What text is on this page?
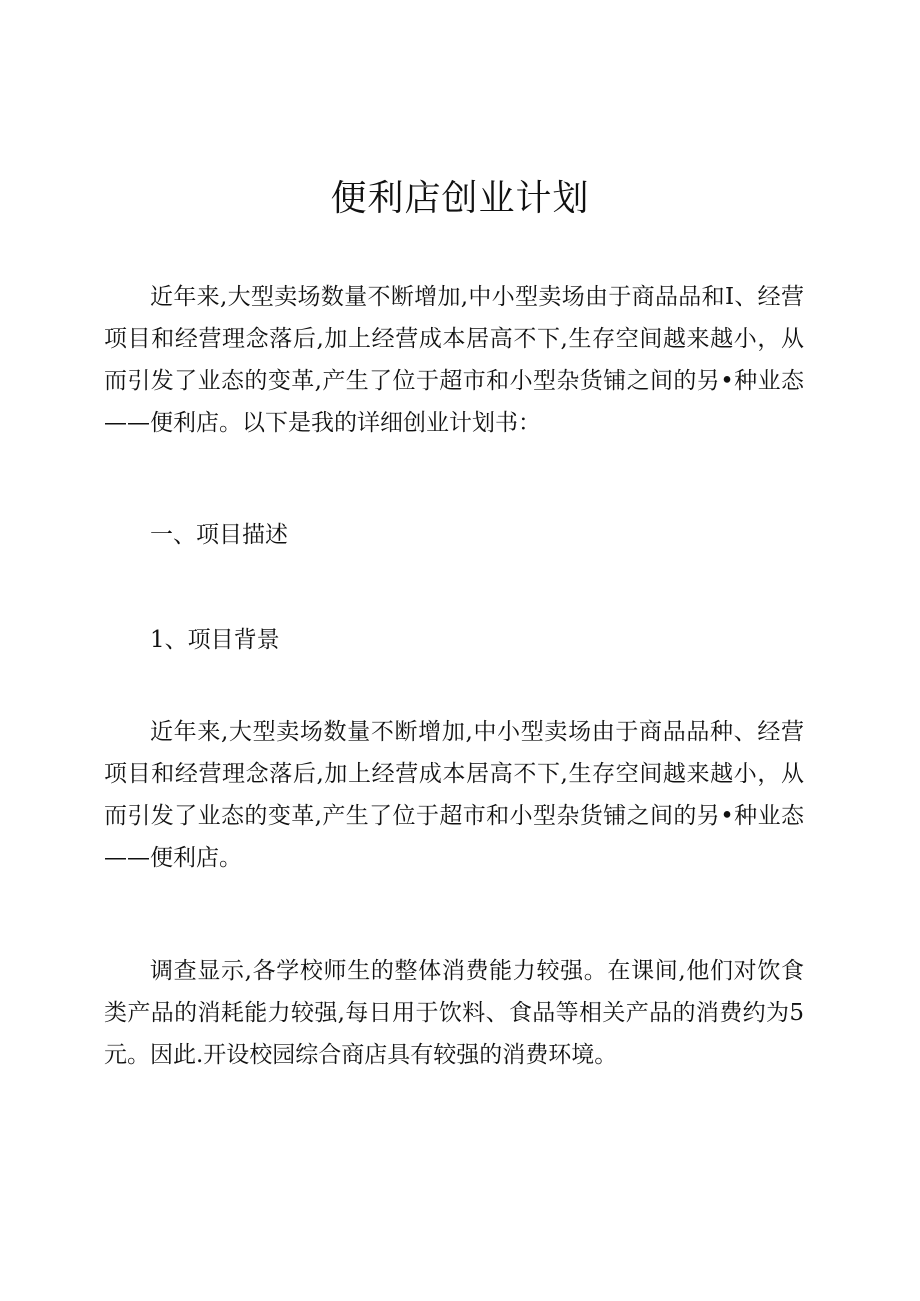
便利店创业计划

近年来,大型卖场数量不断增加,中小型卖场由于商品品和I、经营项目和经营理念落后,加上经营成本居高不下,生存空间越来越小，从而引发了业态的变革,产生了位于超市和小型杂货铺之间的另•种业态——便利店。以下是我的详细创业计划书：

一、项目描述
1、项目背景

近年来,大型卖场数量不断增加,中小型卖场由于商品品种、经营项目和经营理念落后,加上经营成本居高不下,生存空间越来越小，从而引发了业态的变革,产生了位于超市和小型杂货铺之间的另•种业态——便利店。

调查显示,各学校师生的整体消费能力较强。在课间,他们对饮食类产品的消耗能力较强,每日用于饮料、食品等相关产品的消费约为5元。因此.开设校园综合商店具有较强的消费环境。
